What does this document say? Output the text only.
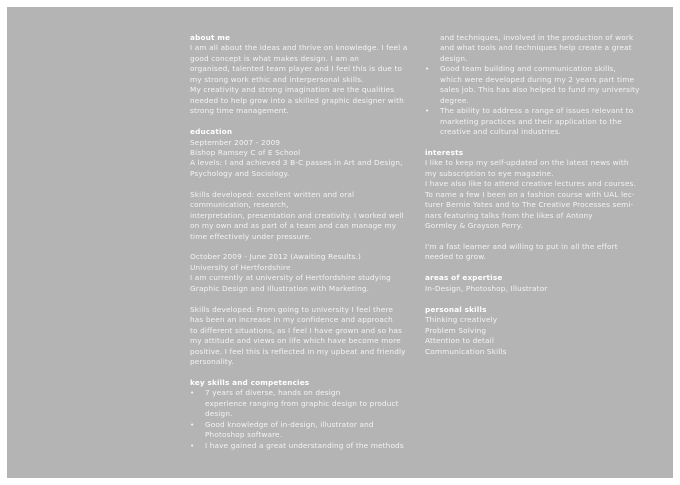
about me
I am all about the ideas and thrive on knowledge. I feel a
good concept is what makes design. I am an
organised, talented team player and I feel this is due to
my strong work ethic and interpersonal skills.
My creativity and strong imagination are the qualities
needed to help grow into a skilled graphic designer with
strong time management.
education
September 2007 - 2009
Bishop Ramsey C of E School
A levels: I and achieved 3 B-C passes in Art and Design,
Psychology and Sociology.
Skills developed: excellent written and oral
communication, research,
interpretation, presentation and creativity. I worked well
on my own and as part of a team and can manage my
time effectively under pressure.
October 2009 - June 2012 (Awaiting Results.)
University of Hertfordshire
I am currently at university of Hertfordshire studying
Graphic Design and Illustration with Marketing.
Skills developed: From going to university I feel there
has been an increase in my confidence and approach
to different situations, as I feel I have grown and so has
my attitude and views on life which have become more
positive. I feel this is reflected in my upbeat and friendly
personality.
key skills and competencies
• 7 years of diverse, hands on design
experience ranging from graphic design to product
design.
• Good knowledge of in-design, illustrator and
Photoshop software.
• I have gained a great understanding of the methods
and techniques, involved in the production of work
and what tools and techniques help create a great
design.
• Good team building and communication skills,
which were developed during my 2 years part time
sales job. This has also helped to fund my university
degree.
• The ability to address a range of issues relevant to
marketing practices and their application to the
creative and cultural industries.
interests
I like to keep my self-updated on the latest news with
my subscription to eye magazine.
I have also like to attend creative lectures and courses.
To name a few I been on a fashion course with UAL lec-
turer Bernie Yates and to The Creative Processes semi-
nars featuring talks from the likes of Antony
Gormley & Grayson Perry.
I'm a fast learner and willing to put in all the effort
needed to grow.
areas of expertise
In-Design, Photoshop, Illustrator
personal skills
Thinking creatively
Problem Solving
Attention to detail
Communication Skills
